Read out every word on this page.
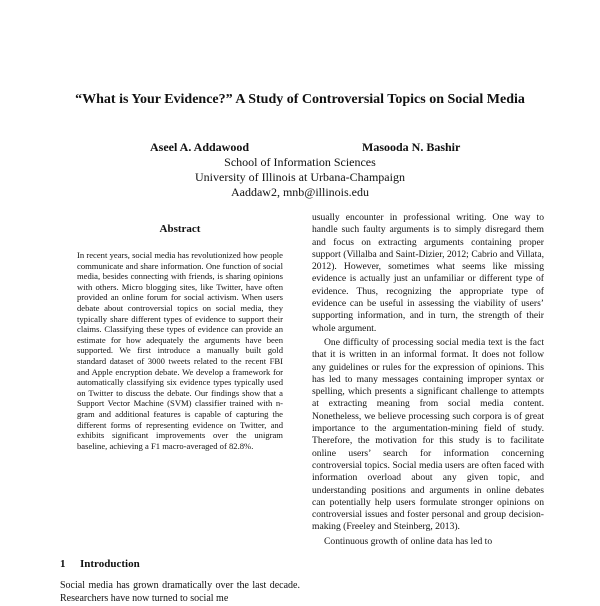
“What is Your Evidence?” A Study of Controversial Topics on Social Media
Aseel A. Addawood	Masooda N. Bashir
School of Information Sciences
University of Illinois at Urbana-Champaign
Aaddaw2, mnb@illinois.edu
Abstract
In recent years, social media has revolutionized how people communicate and share information. One function of social media, besides connecting with friends, is sharing opinions with others. Micro blogging sites, like Twitter, have often provided an online forum for social activism. When users debate about controversial topics on social media, they typically share different types of evidence to support their claims. Classifying these types of evidence can provide an estimate for how adequately the arguments have been supported. We first introduce a manually built gold standard dataset of 3000 tweets related to the recent FBI and Apple encryption debate. We develop a framework for automatically classifying six evidence types typically used on Twitter to discuss the debate. Our findings show that a Support Vector Machine (SVM) classifier trained with n-gram and additional features is capable of capturing the different forms of representing evidence on Twitter, and exhibits significant improvements over the unigram baseline, achieving a F1 macro-averaged of 82.8%.
1 Introduction
Social media has grown dramatically over the last decade. Researchers have now turned to social me

usually encounter in professional writing. One way to handle such faulty arguments is to simply disregard them and focus on extracting arguments containing proper support (Villalba and Saint-Dizier, 2012; Cabrio and Villata, 2012). However, sometimes what seems like missing evidence is actually just an unfamiliar or different type of evidence. Thus, recognizing the appropriate type of evidence can be useful in assessing the viability of users’ supporting information, and in turn, the strength of their whole argument.

One difficulty of processing social media text is the fact that it is written in an informal format. It does not follow any guidelines or rules for the expression of opinions. This has led to many messages containing improper syntax or spelling, which presents a significant challenge to attempts at extracting meaning from social media content. Nonetheless, we believe processing such corpora is of great importance to the argumentation-mining field of study. Therefore, the motivation for this study is to facilitate online users’ search for information concerning controversial topics. Social media users are often faced with information overload about any given topic, and understanding positions and arguments in online debates can potentially help users formulate stronger opinions on controversial issues and foster personal and group decision-making (Freeley and Steinberg, 2013).

Continuous growth of online data has led to
